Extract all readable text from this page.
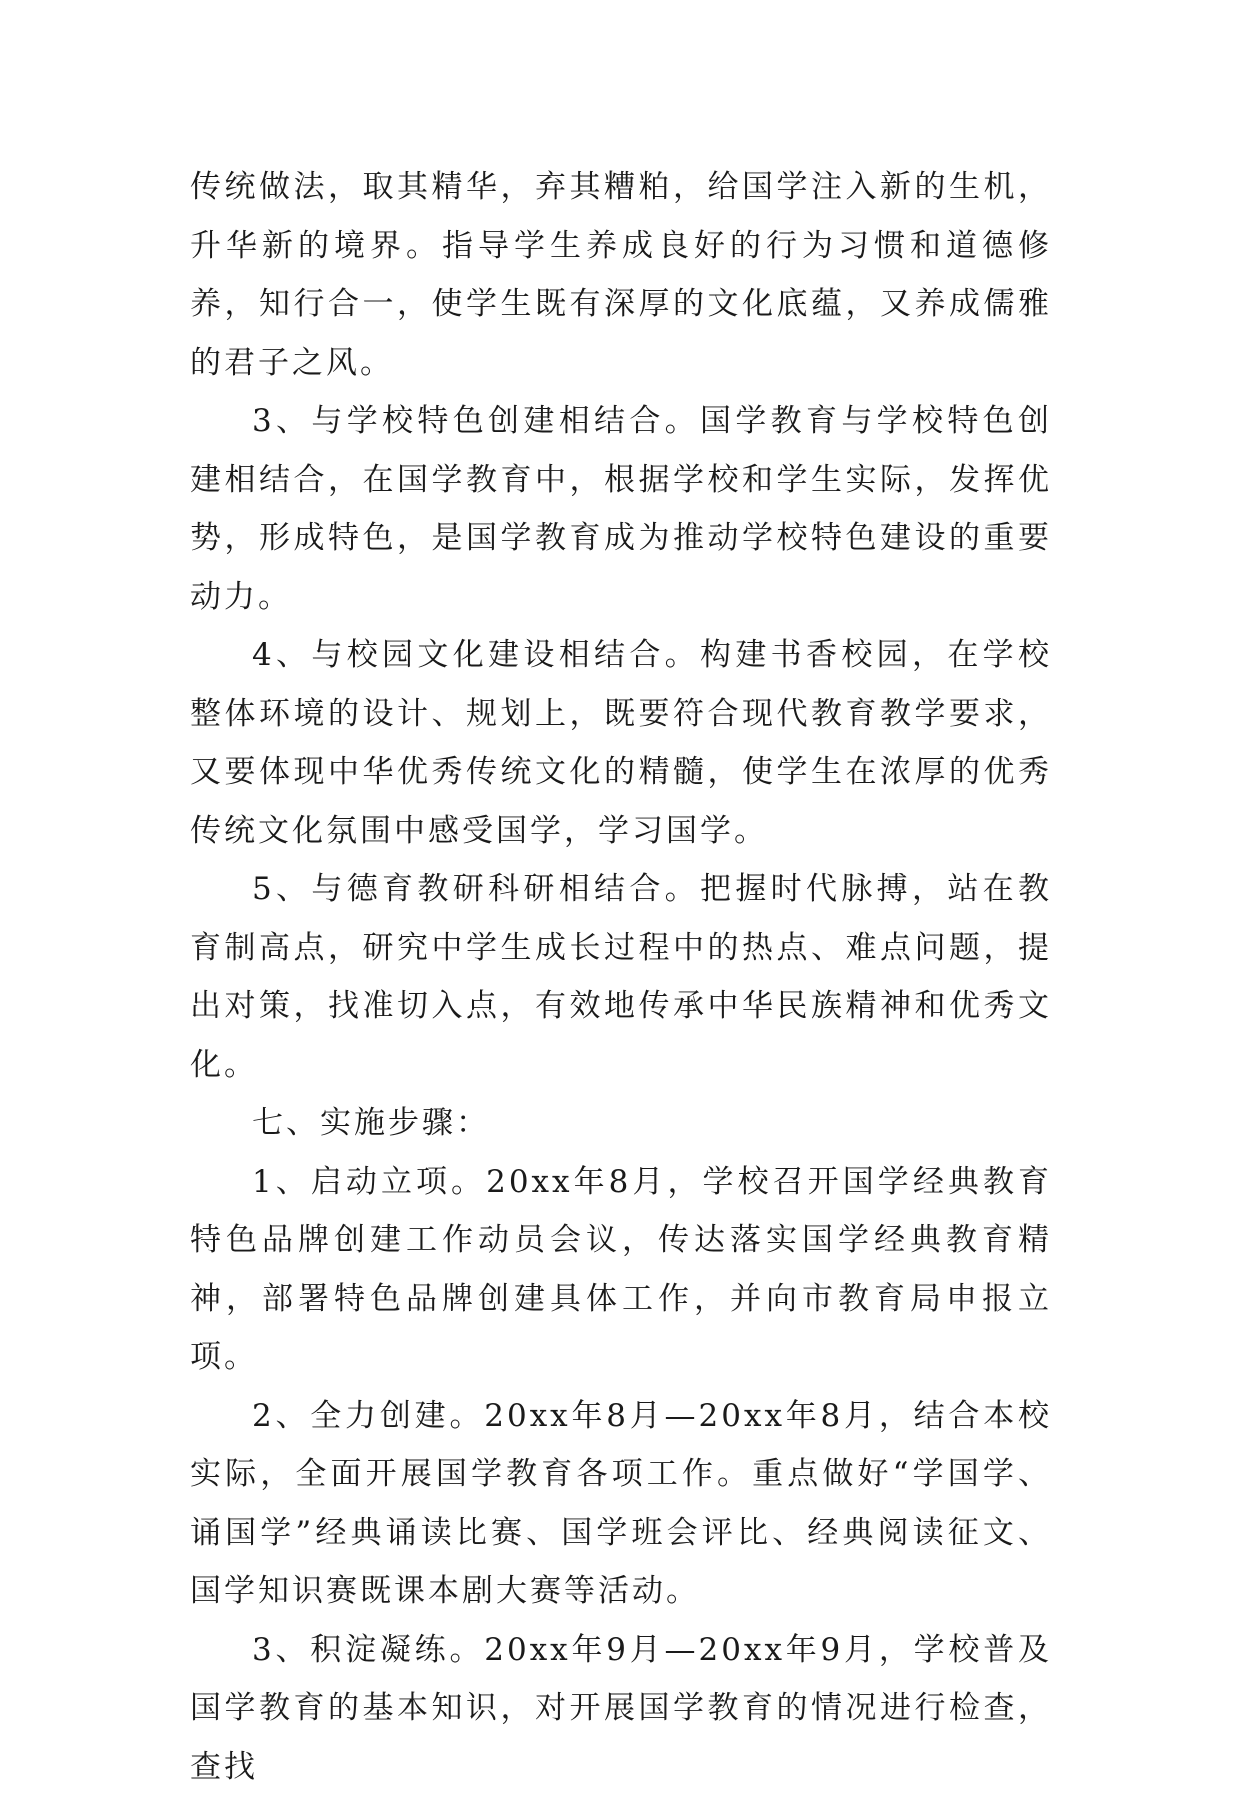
传统做法，取其精华，弃其糟粕，给国学注入新的生机，升华新的境界。指导学生养成良好的行为习惯和道德修养，知行合一，使学生既有深厚的文化底蕴，又养成儒雅的君子之风。

3、与学校特色创建相结合。国学教育与学校特色创建相结合，在国学教育中，根据学校和学生实际，发挥优势，形成特色，是国学教育成为推动学校特色建设的重要动力。

4、与校园文化建设相结合。构建书香校园，在学校整体环境的设计、规划上，既要符合现代教育教学要求，又要体现中华优秀传统文化的精髓，使学生在浓厚的优秀传统文化氛围中感受国学，学习国学。

5、与德育教研科研相结合。把握时代脉搏，站在教育制高点，研究中学生成长过程中的热点、难点问题，提出对策，找准切入点，有效地传承中华民族精神和优秀文化。

七、实施步骤：

1、启动立项。20xx年8月，学校召开国学经典教育特色品牌创建工作动员会议，传达落实国学经典教育精神，部署特色品牌创建具体工作，并向市教育局申报立项。

2、全力创建。20xx年8月—20xx年8月，结合本校实际，全面开展国学教育各项工作。重点做好“学国学、诵国学”经典诵读比赛、国学班会评比、经典阅读征文、国学知识赛既课本剧大赛等活动。

3、积淀凝练。20xx年9月—20xx年9月，学校普及国学教育的基本知识，对开展国学教育的情况进行检查，查找
